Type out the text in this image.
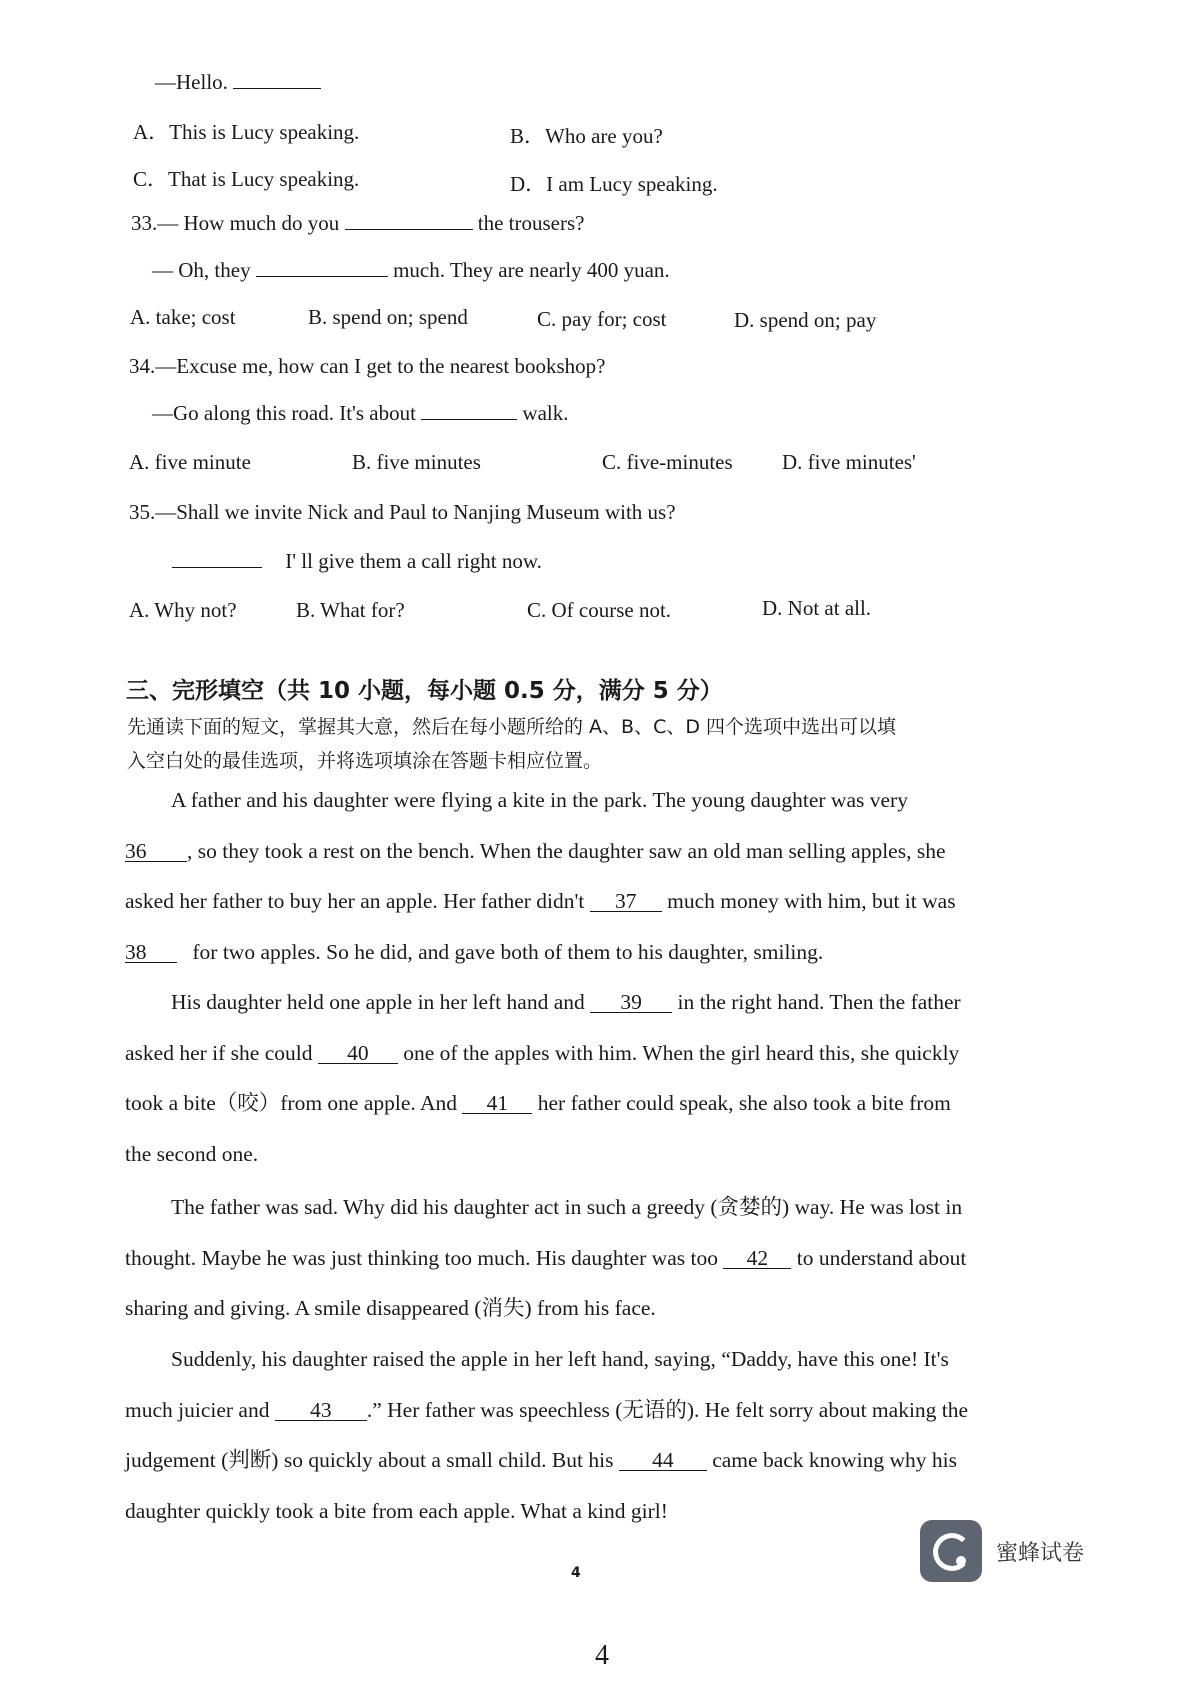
—Hello.
A．This is Lucy speaking.	B．Who are you?
C．That is Lucy speaking.	D．I am Lucy speaking.
33.— How much do you	the trousers?
— Oh, they	much. They are nearly 400 yuan.
A. take; cost	B. spend on; spend	C. pay for; cost	D. spend on; pay
34.—Excuse me, how can I get to the nearest bookshop?
—Go along this road. It's about	walk.
A. five minute	B. five minutes	C. five-minutes D. five minutes'
35.—Shall we invite Nick and Paul to Nanjing Museum with us?
I' ll give them a call right now.
A. Why not?	B. What for?	C. Of course not.	D. Not at all.
三、完形填空（共 10 小题，每小题 0.5 分，满分 5 分）
先通读下面的短文，掌握其大意，然后在每小题所给的 A、B、C、D 四个选项中选出可以填
入空白处的最佳选项，并将选项填涂在答题卡相应位置。
A father and his daughter were flying a kite in the park. The young daughter was very
36 , so they took a rest on the bench. When the daughter saw an old man selling apples, she
asked her father to buy her an apple. Her father didn't 37 much money with him, but it was
38 for two apples. So he did, and gave both of them to his daughter, smiling.
His daughter held one apple in her left hand and 39 in the right hand. Then the father
asked her if she could 40 one of the apples with him. When the girl heard this, she quickly
took a bite（咬）from one apple. And 41 her father could speak, she also took a bite from
the second one.
The father was sad. Why did his daughter act in such a greedy (贪婪的) way. He was lost in
thought. Maybe he was just thinking too much. His daughter was too 42 to understand about
sharing and giving. A smile disappeared (消失) from his face.
Suddenly, his daughter raised the apple in her left hand, saying, “Daddy, have this one! It's
much juicier and 43 .” Her father was speechless (无语的). He felt sorry about making the
judgement (判断) so quickly about a small child. But his 44 came back knowing why his
daughter quickly took a bite from each apple. What a kind girl!
蜜蜂试卷
4
4
